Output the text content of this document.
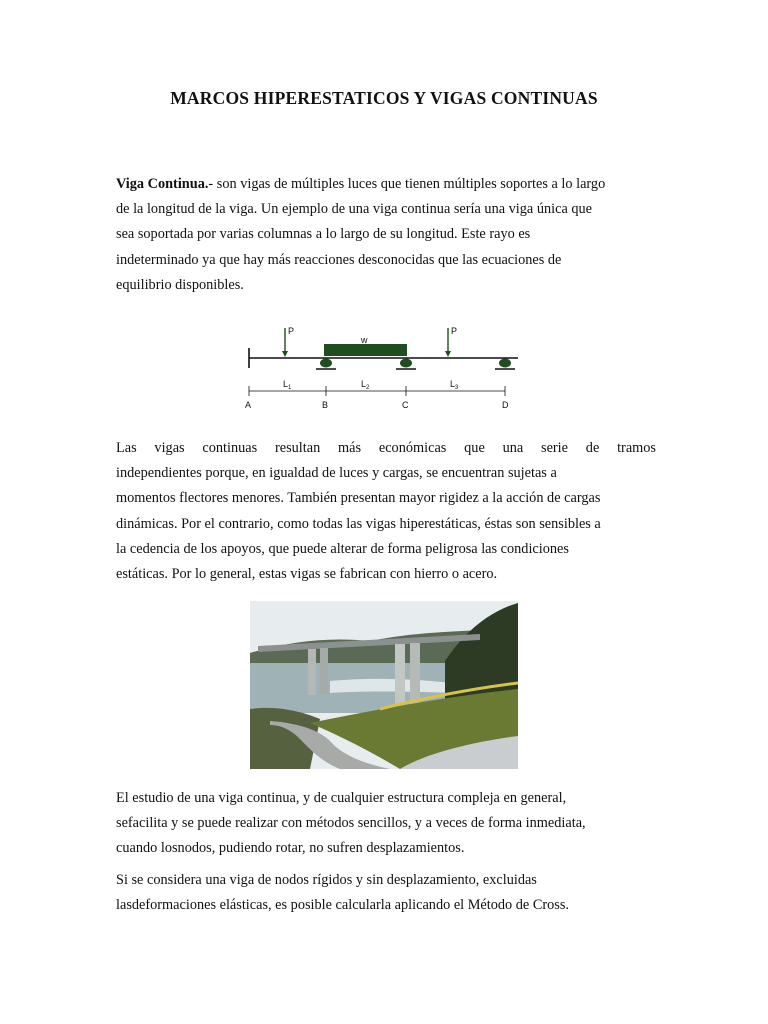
MARCOS HIPERESTATICOS Y VIGAS CONTINUAS

Viga Continua.- son vigas de múltiples luces que tienen múltiples soportes a lo largo
de la longitud de la viga. Un ejemplo de una viga continua sería una viga única que
sea soportada por varias columnas a lo largo de su longitud. Este rayo es
indeterminado ya que hay más reacciones desconocidas que las ecuaciones de
equilibrio disponibles.

w
P	P
$L_1$	$L_2$	$L_3$
A	B	C	D

Las vigas continuas resultan más económicas que una serie de tramos
independientes porque, en igualdad de luces y cargas, se encuentran sujetas a
momentos flectores menores. También presentan mayor rigidez a la acción de cargas
dinámicas. Por el contrario, como todas las vigas hiperestáticas, éstas son sensibles a
la cedencia de los apoyos, que puede alterar de forma peligrosa las condiciones
estáticas. Por lo general, estas vigas se fabrican con hierro o acero.

El estudio de una viga continua, y de cualquier estructura compleja en general,
sefacilita y se puede realizar con métodos sencillos, y a veces de forma inmediata,
cuando losnodos, pudiendo rotar, no sufren desplazamientos.

Si se considera una viga de nodos rígidos y sin desplazamiento, excluidas
lasdeformaciones elásticas, es posible calcularla aplicando el Método de Cross.
